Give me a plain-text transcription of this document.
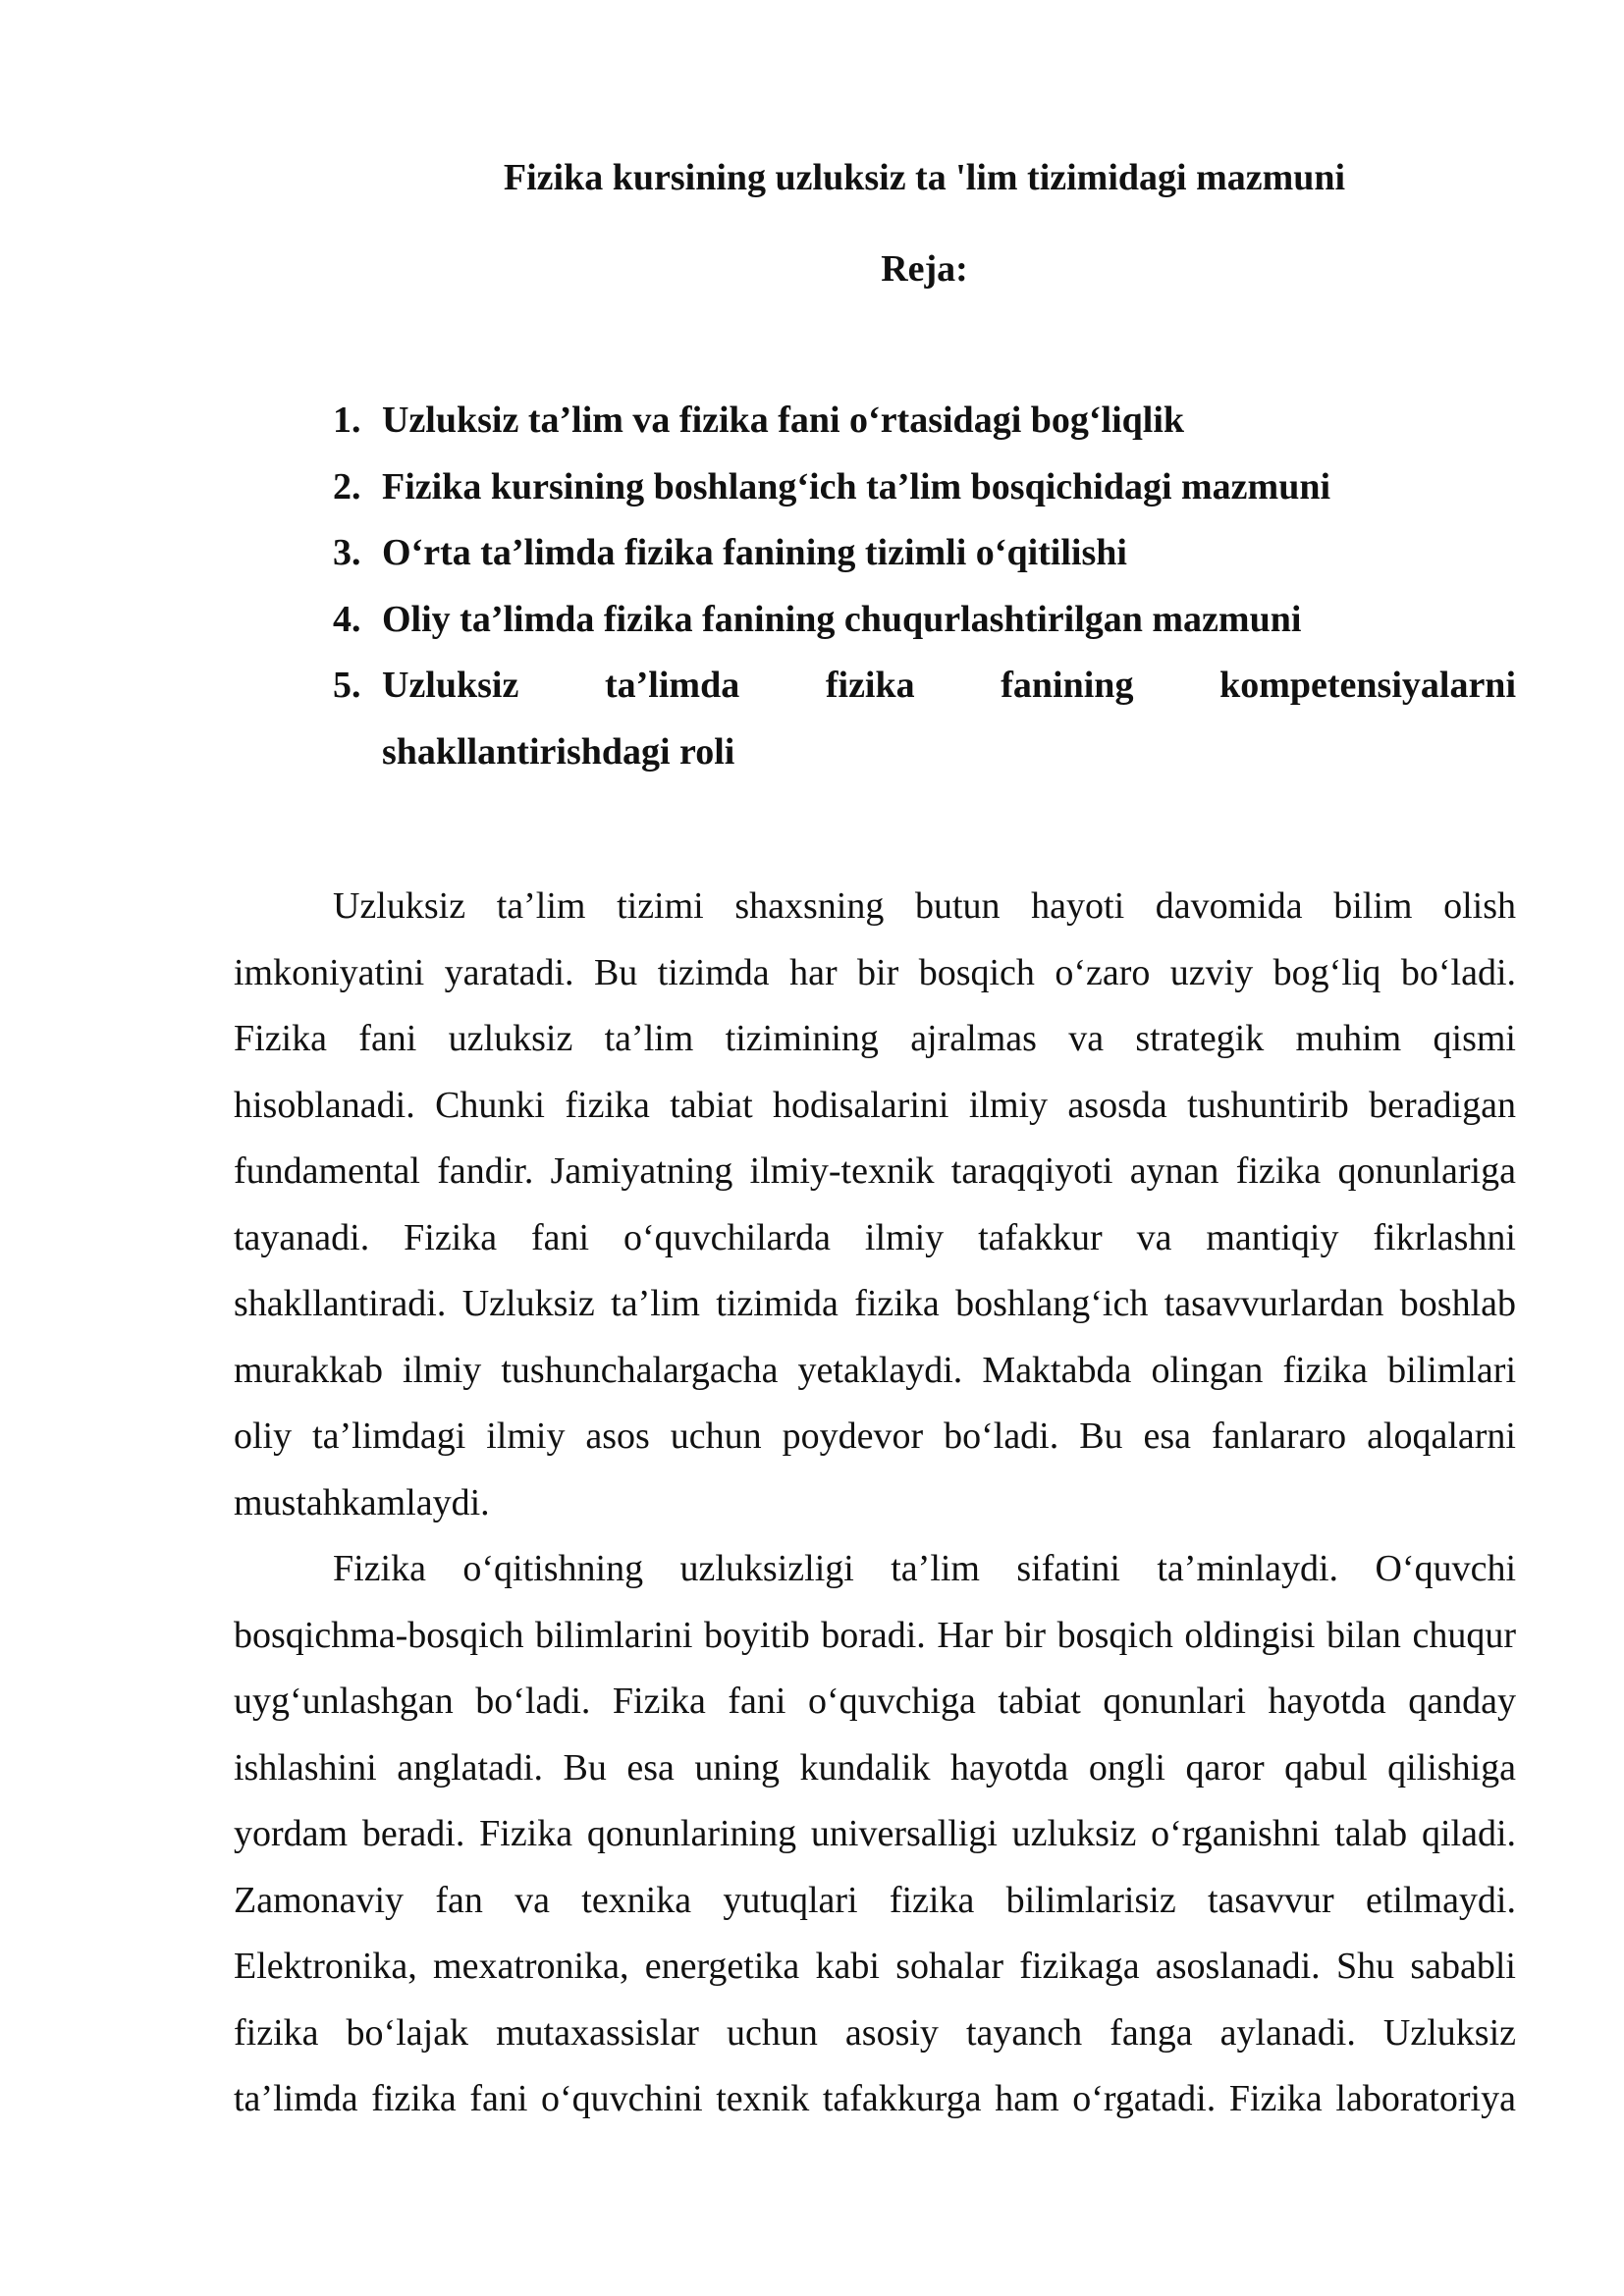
Fizika kursining uzluksiz ta 'lim tizimidagi mazmuni
Reja:
1. Uzluksiz ta’lim va fizika fani o‘rtasidagi bog‘liqlik
2. Fizika kursining boshlang‘ich ta’lim bosqichidagi mazmuni
3. O‘rta ta’limda fizika fanining tizimli o‘qitilishi
4. Oliy ta’limda fizika fanining chuqurlashtirilgan mazmuni
5. Uzluksiz ta’limda fizika fanining kompetensiyalarni
shakllantirishdagi roli
Uzluksiz ta’lim tizimi shaxsning butun hayoti davomida bilim olish
imkoniyatini yaratadi. Bu tizimda har bir bosqich o‘zaro uzviy bog‘liq bo‘ladi.
Fizika fani uzluksiz ta’lim tizimining ajralmas va strategik muhim qismi
hisoblanadi. Chunki fizika tabiat hodisalarini ilmiy asosda tushuntirib beradigan
fundamental fandir. Jamiyatning ilmiy-texnik taraqqiyoti aynan fizika qonunlariga
tayanadi. Fizika fani o‘quvchilarda ilmiy tafakkur va mantiqiy fikrlashni
shakllantiradi. Uzluksiz ta’lim tizimida fizika boshlang‘ich tasavvurlardan boshlab
murakkab ilmiy tushunchalargacha yetaklaydi. Maktabda olingan fizika bilimlari
oliy ta’limdagi ilmiy asos uchun poydevor bo‘ladi. Bu esa fanlararo aloqalarni
mustahkamlaydi.
Fizika o‘qitishning uzluksizligi ta’lim sifatini ta’minlaydi. O‘quvchi
bosqichma-bosqich bilimlarini boyitib boradi. Har bir bosqich oldingisi bilan chuqur
uyg‘unlashgan bo‘ladi. Fizika fani o‘quvchiga tabiat qonunlari hayotda qanday
ishlashini anglatadi. Bu esa uning kundalik hayotda ongli qaror qabul qilishiga
yordam beradi. Fizika qonunlarining universalligi uzluksiz o‘rganishni talab qiladi.
Zamonaviy fan va texnika yutuqlari fizika bilimlarisiz tasavvur etilmaydi.
Elektronika, mexatronika, energetika kabi sohalar fizikaga asoslanadi. Shu sababli
fizika bo‘lajak mutaxassislar uchun asosiy tayanch fanga aylanadi. Uzluksiz
ta’limda fizika fani o‘quvchini texnik tafakkurga ham o‘rgatadi. Fizika laboratoriya
